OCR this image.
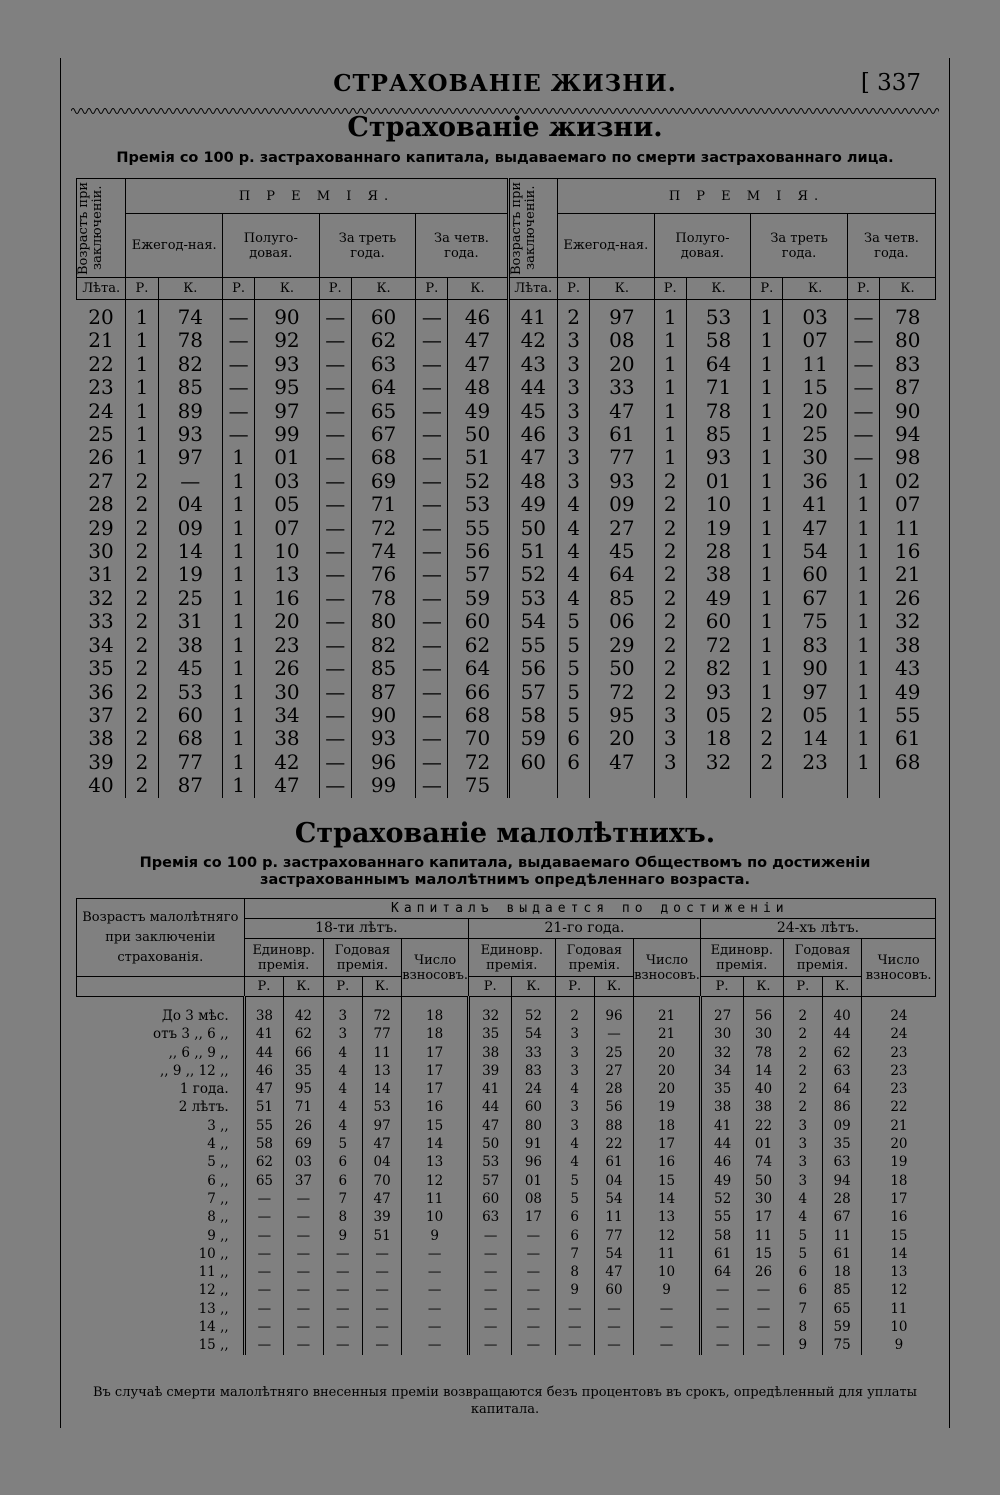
СТРАХОВАНІЕ ЖИЗНИ.	[ 337
Страхованіе жизни.
Премія со 100 р. застрахованнаго капитала, выдаваемаго по смерти застрахованнаго лица.
Возрастъ при заключеніи.	П Р Е М І Я.								Возрастъ при заключеніи.	П Р Е М І Я.							
	Ежегод-ная.		Полуго-довая.		За треть года.		За четв. года.			Ежегод-ная.		Полуго-довая.		За треть года.		За четв. года.	
Лѣта.	Р.	К.	Р.	К.	Р.	К.	Р.	К.	Лѣта.	Р.	К.	Р.	К.	Р.	К.	Р.	К.
20	1	74	—	90	—	60	—	46	41	2	97	1	53	1	03	—	78
21	1	78	—	92	—	62	—	47	42	3	08	1	58	1	07	—	80
22	1	82	—	93	—	63	—	47	43	3	20	1	64	1	11	—	83
23	1	85	—	95	—	64	—	48	44	3	33	1	71	1	15	—	87
24	1	89	—	97	—	65	—	49	45	3	47	1	78	1	20	—	90
25	1	93	—	99	—	67	—	50	46	3	61	1	85	1	25	—	94
26	1	97	1	01	—	68	—	51	47	3	77	1	93	1	30	—	98
27	2	—	1	03	—	69	—	52	48	3	93	2	01	1	36	1	02
28	2	04	1	05	—	71	—	53	49	4	09	2	10	1	41	1	07
29	2	09	1	07	—	72	—	55	50	4	27	2	19	1	47	1	11
30	2	14	1	10	—	74	—	56	51	4	45	2	28	1	54	1	16
31	2	19	1	13	—	76	—	57	52	4	64	2	38	1	60	1	21
32	2	25	1	16	—	78	—	59	53	4	85	2	49	1	67	1	26
33	2	31	1	20	—	80	—	60	54	5	06	2	60	1	75	1	32
34	2	38	1	23	—	82	—	62	55	5	29	2	72	1	83	1	38
35	2	45	1	26	—	85	—	64	56	5	50	2	82	1	90	1	43
36	2	53	1	30	—	87	—	66	57	5	72	2	93	1	97	1	49
37	2	60	1	34	—	90	—	68	58	5	95	3	05	2	05	1	55
38	2	68	1	38	—	93	—	70	59	6	20	3	18	2	14	1	61
39	2	77	1	42	—	96	—	72	60	6	47	3	32	2	23	1	68
40	2	87	1	47	—	99	—	75									
Страхованіе малолѣтнихъ.
Премія со 100 р. застрахованнаго капитала, выдаваемаго Обществомъ по достиженіи застрахованнымъ малолѣтнимъ опредѣленнаго возраста.
Возрастъ малолѣтняго при заключеніи страхованія.	Капиталъ выдается по достиженіи														
	18-ти лѣтъ.					21-го года.					24-хъ лѣтъ.				
	Единовр. премія.		Годовая премія.		Число взносовъ.	Единовр. премія.		Годовая премія.		Число взносовъ.	Единовр. премія.		Годовая премія.		Число взносовъ.
	Р.	К.	Р.	К.		Р.	К.	Р.	К.		Р.	К.	Р.	К.	
До 3 мѣс.	38	42	3	72	18	32	52	2	96	21	27	56	2	40	24
отъ 3 ,, 6 ,,	41	62	3	77	18	35	54	3	—	21	30	30	2	44	24
,, 6 ,, 9 ,,	44	66	4	11	17	38	33	3	25	20	32	78	2	62	23
,, 9 ,, 12 ,,	46	35	4	13	17	39	83	3	27	20	34	14	2	63	23
1 года.	47	95	4	14	17	41	24	4	28	20	35	40	2	64	23
2 лѣтъ.	51	71	4	53	16	44	60	3	56	19	38	38	2	86	22
3 ,,	55	26	4	97	15	47	80	3	88	18	41	22	3	09	21
4 ,,	58	69	5	47	14	50	91	4	22	17	44	01	3	35	20
5 ,,	62	03	6	04	13	53	96	4	61	16	46	74	3	63	19
6 ,,	65	37	6	70	12	57	01	5	04	15	49	50	3	94	18
7 ,,	—	—	7	47	11	60	08	5	54	14	52	30	4	28	17
8 ,,	—	—	8	39	10	63	17	6	11	13	55	17	4	67	16
9 ,,	—	—	9	51	9	—	—	6	77	12	58	11	5	11	15
10 ,,	—	—	—	—	—	—	—	7	54	11	61	15	5	61	14
11 ,,	—	—	—	—	—	—	—	8	47	10	64	26	6	18	13
12 ,,	—	—	—	—	—	—	—	9	60	9	—	—	6	85	12
13 ,,	—	—	—	—	—	—	—	—	—	—	—	—	7	65	11
14 ,,	—	—	—	—	—	—	—	—	—	—	—	—	8	59	10
15 ,,	—	—	—	—	—	—	—	—	—	—	—	—	9	75	9
Въ случаѣ смерти малолѣтняго внесенныя преміи возвращаются безъ процентовъ въ срокъ, опредѣленный для уплаты капитала.
